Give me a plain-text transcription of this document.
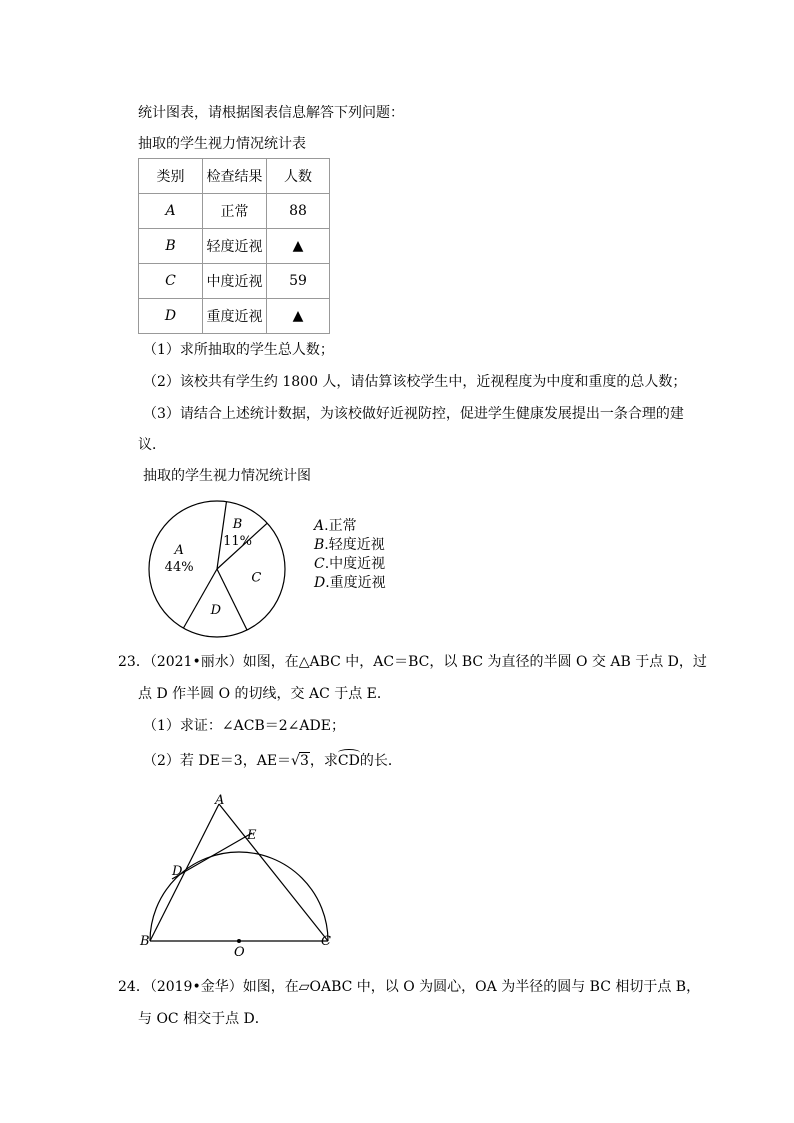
统计图表，请根据图表信息解答下列问题：
抽取的学生视力情况统计表
类别	检查结果	人数
A	正常	88
B	轻度近视	▲
C	中度近视	59
D	重度近视	▲
（1）求所抽取的学生总人数；
（2）该校共有学生约 1800 人，请估算该校学生中，近视程度为中度和重度的总人数；
（3）请结合上述统计数据，为该校做好近视防控，促进学生健康发展提出一条合理的建
议．
抽取的学生视力情况统计图
A
44%
B
11%
C
D
A.正常
B.轻度近视
C.中度近视
D.重度近视
23．（2021•丽水）如图，在△ABC 中，AC＝BC，以 BC 为直径的半圆 O 交 AB 于点 D，过
点 D 作半圆 O 的切线，交 AC 于点 E．
（1）求证：∠ACB＝2∠ADE；
（2）若 DE＝3，AE＝√3，求CD的长．
A
B	C
D
E
O
24．（2019•金华）如图，在▱OABC 中，以 O 为圆心，OA 为半径的圆与 BC 相切于点 B，
与 OC 相交于点 D．
